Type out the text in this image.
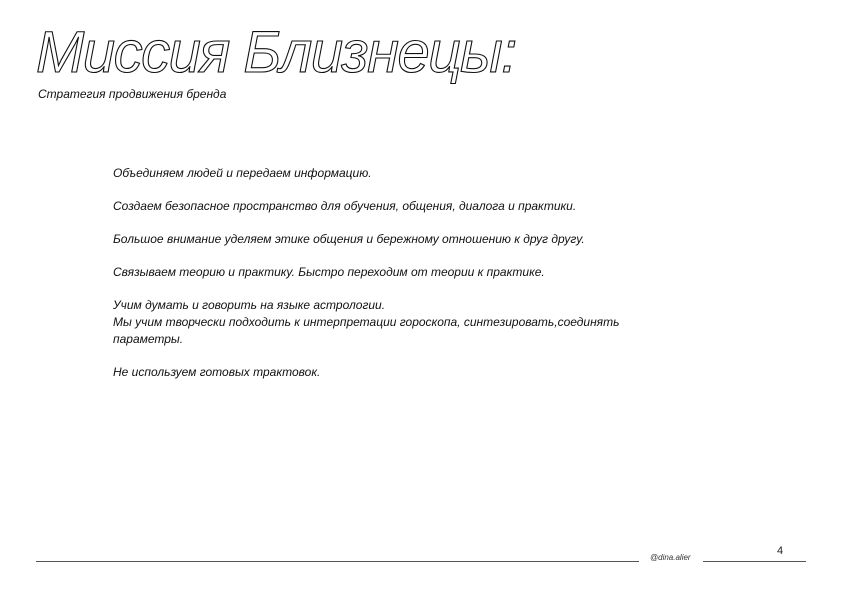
Миссия Близнецы:
Стратегия продвижения бренда

Объединяем людей и передаем информацию.

Создаем безопасное пространство для обучения, общения, диалога и практики.

Большое внимание уделяем этике общения и бережному отношению к друг другу.

Связываем теорию и практику. Быстро переходим от теории к практике.

Учим думать и говорить на языке астрологии.
Мы учим творчески подходить к интерпретации гороскопа, синтезировать,соединять
параметры.

Не используем готовых трактовок.

@dina.alier
4
